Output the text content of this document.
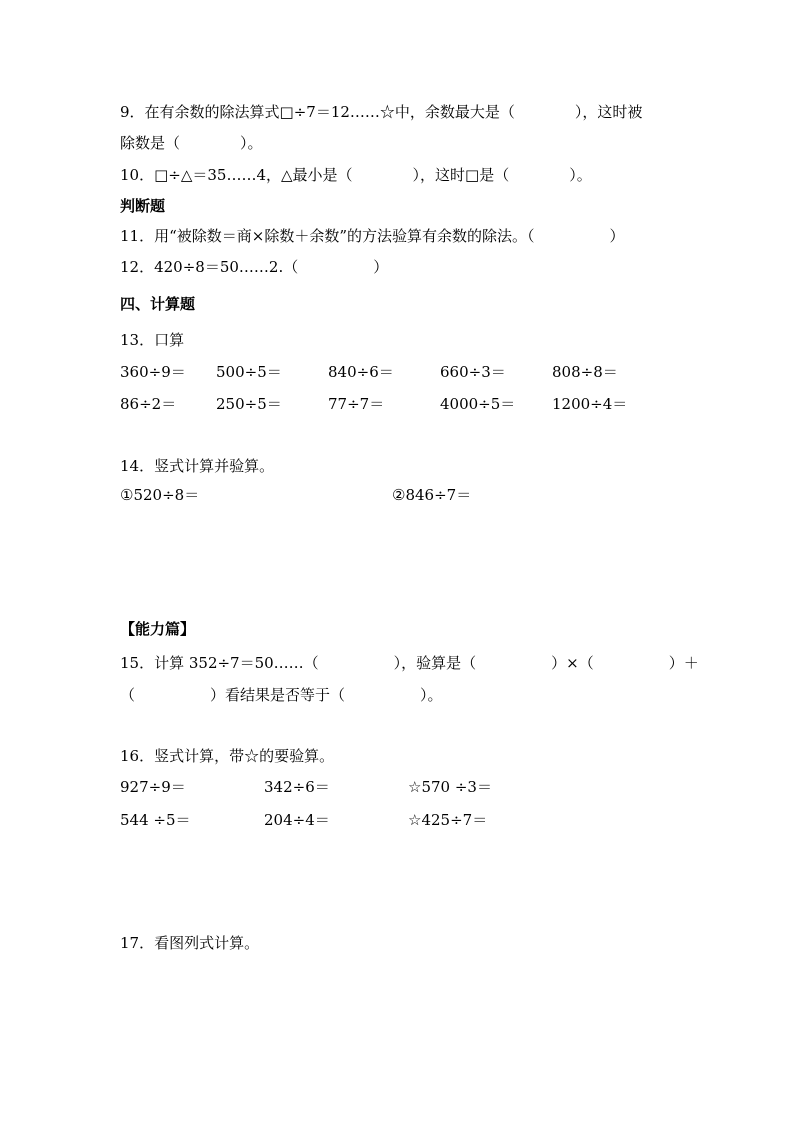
9．在有余数的除法算式□÷7＝12……☆中，余数最大是（　　　　），这时被
除数是（　　　　）。
10．□÷△＝35……4，△最小是（　　　　），这时□是（　　　　）。
判断题
11．用“被除数＝商×除数＋余数”的方法验算有余数的除法。（　　　　　）
12．420÷8＝50……2.（　　　　　）
四、计算题
13．口算
360÷9＝ 500÷5＝	840÷6＝	660÷3＝	808÷8＝
86÷2＝	250÷5＝	77÷7＝	4000÷5＝ 1200÷4＝
14．竖式计算并验算。
①520÷8＝	②846÷7＝
【能力篇】
15．计算 352÷7＝50……（　　　　　），验算是（　　　　　）×（　　　　　）＋
（　　　　　）看结果是否等于（　　　　　）。
16．竖式计算，带☆的要验算。
927÷9＝	342÷6＝	☆570 ÷3＝
544 ÷5＝	204÷4＝	☆425÷7＝
17．看图列式计算。
